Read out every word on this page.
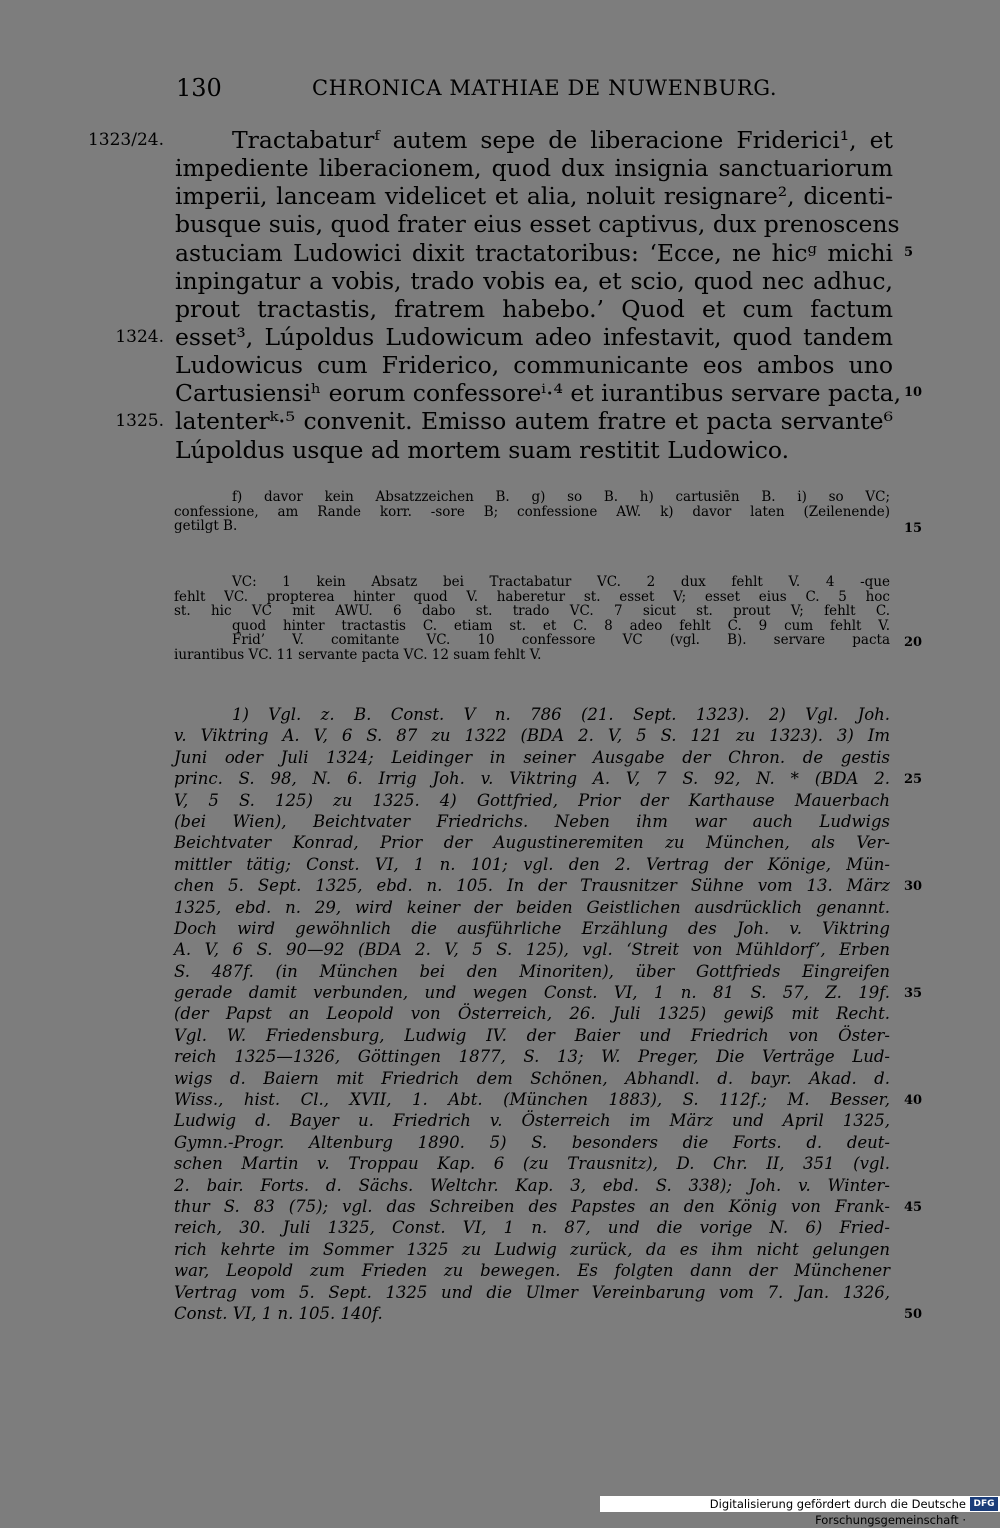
130	CHRONICA MATHIAE DE NUWENBURG.
1323/24.	Tractabaturᶠ autem sepe de liberacione Friderici¹, et
impediente liberacionem, quod dux insignia sanctuariorum
imperii, lanceam videlicet et alia, noluit resignare², dicenti-
busque suis, quod frater eius esset captivus, dux prenoscens
astuciam Ludowici dixit tractatoribus: ‘Ecce, ne hicᵍ michi 5
inpingatur a vobis, trado vobis ea, et scio, quod nec adhuc,
prout tractastis, fratrem habebo.’ Quod et cum factum
1324. esset³, Lúpoldus Ludowicum adeo infestavit, quod tandem
Ludowicus cum Friderico, communicante eos ambos uno
Cartusiensiʰ eorum confessoreⁱ·⁴ et iurantibus servare pacta, 10
1325. latenterᵏ·⁵ convenit. Emisso autem fratre et pacta servante⁶
Lúpoldus usque ad mortem suam restitit Ludowico.
f) davor kein Absatzzeichen B. g) so B. h) cartusiēn B. i) so VC;
confessione, am Rande korr. -sore B; confessione AW. k) davor laten (Zeilenende)
getilgt B.	15
VC: 1 kein Absatz bei Tractabatur VC. 2 dux fehlt V. 4 -que
fehlt VC. propterea hinter quod V. haberetur st. esset V; esset eius C. 5 hoc
st. hic VC mit AWU. 6 dabo st. trado VC. 7 sicut st. prout V; fehlt C.
quod hinter tractastis C. etiam st. et C. 8 adeo fehlt C. 9 cum fehlt V.
Frid’ V. comitante VC. 10 confessore VC (vgl. B). servare pacta 20
iurantibus VC. 11 servante pacta VC. 12 suam fehlt V.
1) Vgl. z. B. Const. V n. 786 (21. Sept. 1323). 2) Vgl. Joh.
v. Viktring A. V, 6 S. 87 zu 1322 (BDA 2. V, 5 S. 121 zu 1323). 3) Im
Juni oder Juli 1324; Leidinger in seiner Ausgabe der Chron. de gestis
princ. S. 98, N. 6. Irrig Joh. v. Viktring A. V, 7 S. 92, N. * (BDA 2. 25
V, 5 S. 125) zu 1325. 4) Gottfried, Prior der Karthause Mauerbach
(bei Wien), Beichtvater Friedrichs. Neben ihm war auch Ludwigs
Beichtvater Konrad, Prior der Augustineremiten zu München, als Ver-
mittler tätig; Const. VI, 1 n. 101; vgl. den 2. Vertrag der Könige, Mün-
chen 5. Sept. 1325, ebd. n. 105. In der Trausnitzer Sühne vom 13. März 30
1325, ebd. n. 29, wird keiner der beiden Geistlichen ausdrücklich genannt.
Doch wird gewöhnlich die ausführliche Erzählung des Joh. v. Viktring
A. V, 6 S. 90—92 (BDA 2. V, 5 S. 125), vgl. ‘Streit von Mühldorf’, Erben
S. 487f. (in München bei den Minoriten), über Gottfrieds Eingreifen
gerade damit verbunden, und wegen Const. VI, 1 n. 81 S. 57, Z. 19f. 35
(der Papst an Leopold von Österreich, 26. Juli 1325) gewiß mit Recht.
Vgl. W. Friedensburg, Ludwig IV. der Baier und Friedrich von Öster-
reich 1325—1326, Göttingen 1877, S. 13; W. Preger, Die Verträge Lud-
wigs d. Baiern mit Friedrich dem Schönen, Abhandl. d. bayr. Akad. d.
Wiss., hist. Cl., XVII, 1. Abt. (München 1883), S. 112f.; M. Besser, 40
Ludwig d. Bayer u. Friedrich v. Österreich im März und April 1325,
Gymn.-Progr. Altenburg 1890. 5) S. besonders die Forts. d. deut-
schen Martin v. Troppau Kap. 6 (zu Trausnitz), D. Chr. II, 351 (vgl.
2. bair. Forts. d. Sächs. Weltchr. Kap. 3, ebd. S. 338); Joh. v. Winter-
thur S. 83 (75); vgl. das Schreiben des Papstes an den König von Frank- 45
reich, 30. Juli 1325, Const. VI, 1 n. 87, und die vorige N. 6) Fried-
rich kehrte im Sommer 1325 zu Ludwig zurück, da es ihm nicht gelungen
war, Leopold zum Frieden zu bewegen. Es folgten dann der Münchener
Vertrag vom 5. Sept. 1325 und die Ulmer Vereinbarung vom 7. Jan. 1326,
Const. VI, 1 n. 105. 140f.	50
Digitalisierung gefördert durch die Deutsche Forschungsgemeinschaft ·
DFG
